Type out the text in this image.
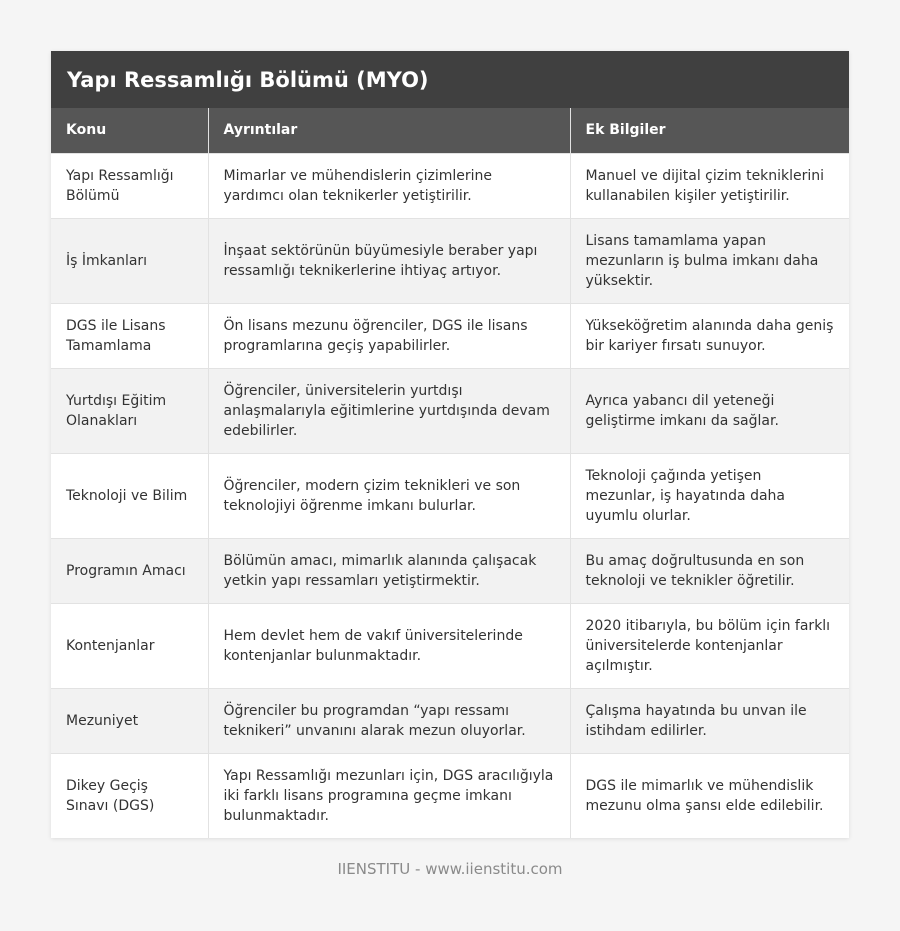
Yapı Ressamlığı Bölümü (MYO)
Konu	Ayrıntılar	Ek Bilgiler
Yapı Ressamlığı Bölümü	Mimarlar ve mühendislerin çizimlerine yardımcı olan teknikerler yetiştirilir.	Manuel ve dijital çizim tekniklerini kullanabilen kişiler yetiştirilir.
İş İmkanları	İnşaat sektörünün büyümesiyle beraber yapı ressamlığı teknikerlerine ihtiyaç artıyor.	Lisans tamamlama yapan mezunların iş bulma imkanı daha yüksektir.
DGS ile Lisans Tamamlama	Ön lisans mezunu öğrenciler, DGS ile lisans programlarına geçiş yapabilirler.	Yükseköğretim alanında daha geniş bir kariyer fırsatı sunuyor.
Yurtdışı Eğitim Olanakları	Öğrenciler, üniversitelerin yurtdışı anlaşmalarıyla eğitimlerine yurtdışında devam edebilirler.	Ayrıca yabancı dil yeteneği geliştirme imkanı da sağlar.
Teknoloji ve Bilim	Öğrenciler, modern çizim teknikleri ve son teknolojiyi öğrenme imkanı bulurlar.	Teknoloji çağında yetişen mezunlar, iş hayatında daha uyumlu olurlar.
Programın Amacı	Bölümün amacı, mimarlık alanında çalışacak yetkin yapı ressamları yetiştirmektir.	Bu amaç doğrultusunda en son teknoloji ve teknikler öğretilir.
Kontenjanlar	Hem devlet hem de vakıf üniversitelerinde kontenjanlar bulunmaktadır.	2020 itibarıyla, bu bölüm için farklı üniversitelerde kontenjanlar açılmıştır.
Mezuniyet	Öğrenciler bu programdan “yapı ressamı teknikeri” unvanını alarak mezun oluyorlar.	Çalışma hayatında bu unvan ile istihdam edilirler.
Dikey Geçiş Sınavı (DGS)	Yapı Ressamlığı mezunları için, DGS aracılığıyla iki farklı lisans programına geçme imkanı bulunmaktadır.	DGS ile mimarlık ve mühendislik mezunu olma şansı elde edilebilir.
IIENSTITU - www.iienstitu.com
